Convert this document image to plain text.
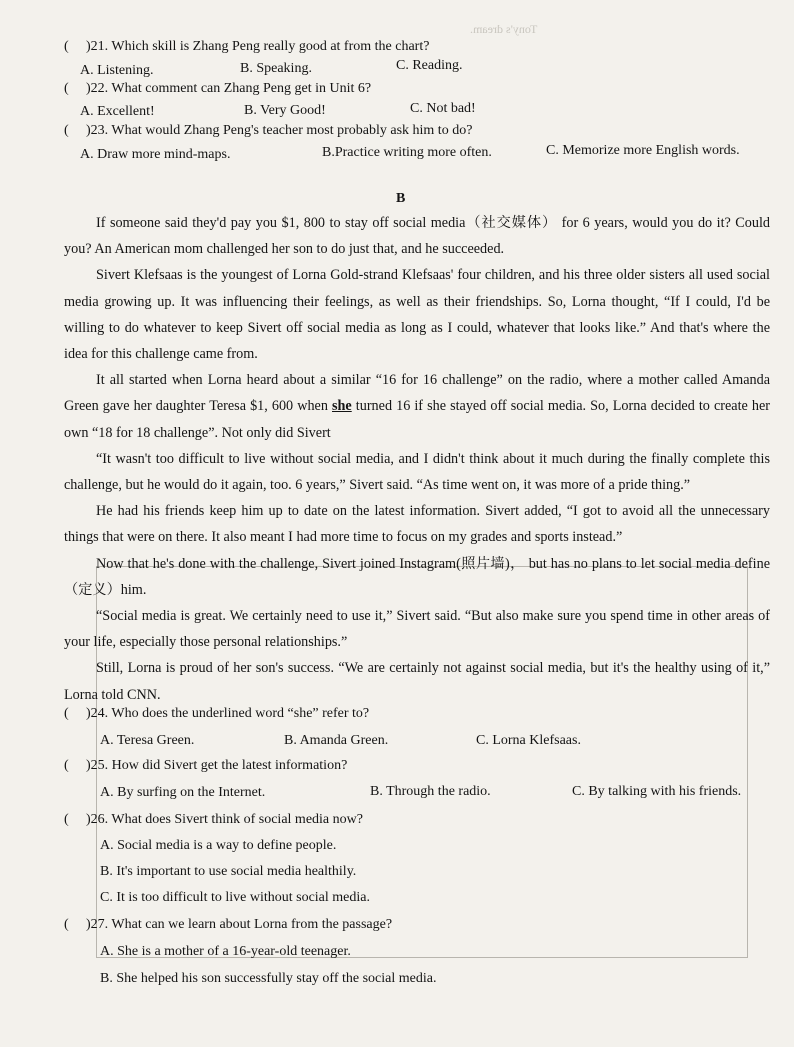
Tony's dream.
( )21. Which skill is Zhang Peng really good at from the chart?
A. Listening.	B. Speaking.	C. Reading.
( )22. What comment can Zhang Peng get in Unit 6?
A. Excellent!	B. Very Good!	C. Not bad!
( )23. What would Zhang Peng's teacher most probably ask him to do?
A. Draw more mind-maps.	B.Practice writing more often.	C. Memorize more English words.
B

If someone said they'd pay you $1, 800 to stay off social media（社交媒体） for 6 years, would you do it? Could you? An American mom challenged her son to do just that, and he succeeded.

Sivert Klefsaas is the youngest of Lorna Gold-strand Klefsaas' four children, and his three older sisters all used social media growing up. It was influencing their feelings, as well as their friendships. So, Lorna thought, “If I could, I'd be willing to do whatever to keep Sivert off social media as long as I could, whatever that looks like.” And that's where the idea for this challenge came from.

It all started when Lorna heard about a similar “16 for 16 challenge” on the radio, where a mother called Amanda Green gave her daughter Teresa $1, 600 when she turned 16 if she stayed off social media. So, Lorna decided to create her own “18 for 18 challenge”. Not only did Sivert

“It wasn't too difficult to live without social media, and I didn't think about it much during the finally complete this challenge, but he would do it again, too. 6 years,” Sivert said. “As time went on, it was more of a pride thing.”

He had his friends keep him up to date on the latest information. Sivert added, “I got to avoid all the unnecessary things that were on there. It also meant I had more time to focus on my grades and sports instead.”

Now that he's done with the challenge, Sivert joined Instagram(照片墙)， but has no plans to let social media define（定义）him.

“Social media is great. We certainly need to use it,” Sivert said. “But also make sure you spend time in other areas of your life, especially those personal relationships.”

Still, Lorna is proud of her son's success. “We are certainly not against social media, but it's the healthy using of it,” Lorna told CNN.

( )24. Who does the underlined word “she” refer to?
A. Teresa Green.	B. Amanda Green.	C. Lorna Klefsaas.
( )25. How did Sivert get the latest information?
A. By surfing on the Internet.	B. Through the radio.	C. By talking with his friends.
( )26. What does Sivert think of social media now?
A. Social media is a way to define people.
B. It's important to use social media healthily.
C. It is too difficult to live without social media.
( )27. What can we learn about Lorna from the passage?
A. She is a mother of a 16-year-old teenager.
B. She helped his son successfully stay off the social media.
